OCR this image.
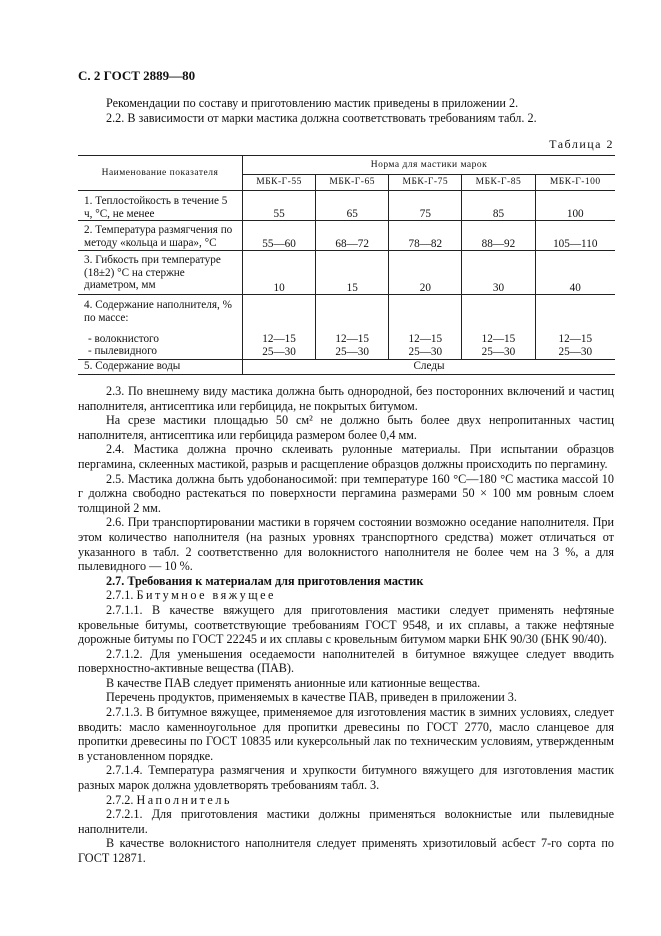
С. 2 ГОСТ 2889—80

Рекомендации по составу и приготовлению мастик приведены в приложении 2.

2.2. В зависимости от марки мастика должна соответствовать требованиям табл. 2.

Таблица 2
Наименование показателя	Норма для мастики марок				
	МБК-Г-55	МБК-Г-65	МБК-Г-75	МБК-Г-85	МБК-Г-100
1. Теплостойкость в течение 5 ч, °С, не менее	55	65	75	85	100
2. Температура размягчения по методу «кольца и шара», °С	55—60	68—72	78—82	88—92	105—110
3. Гибкость при температуре (18±2) °С на стержне диаметром, мм	10	15	20	30	40
4. Содержание наполнителя, % по массе:					
- волокнистого	12—15	12—15	12—15	12—15	12—15
- пылевидного	25—30	25—30	25—30	25—30	25—30
5. Содержание воды	Следы				

2.3. По внешнему виду мастика должна быть однородной, без посторонних включений и частиц наполнителя, антисептика или гербицида, не покрытых битумом.

На срезе мастики площадью 50 см² не должно быть более двух непропитанных частиц наполнителя, антисептика или гербицида размером более 0,4 мм.

2.4. Мастика должна прочно склеивать рулонные материалы. При испытании образцов пергамина, склеенных мастикой, разрыв и расщепление образцов должны происходить по пергамину.

2.5. Мастика должна быть удобонаносимой: при температуре 160 °С—180 °С мастика массой 10 г должна свободно растекаться по поверхности пергамина размерами 50 × 100 мм ровным слоем толщиной 2 мм.

2.6. При транспортировании мастики в горячем состоянии возможно оседание наполнителя. При этом количество наполнителя (на разных уровнях транспортного средства) может отличаться от указанного в табл. 2 соответственно для волокнистого наполнителя не более чем на 3 %, а для пылевидного — 10 %.

2.7. Требования к материалам для приготовления мастик

2.7.1. Битумное вяжущее

2.7.1.1. В качестве вяжущего для приготовления мастики следует применять нефтяные кровельные битумы, соответствующие требованиям ГОСТ 9548, и их сплавы, а также нефтяные дорожные битумы по ГОСТ 22245 и их сплавы с кровельным битумом марки БНК 90/30 (БНК 90/40).

2.7.1.2. Для уменьшения оседаемости наполнителей в битумное вяжущее следует вводить поверхностно-активные вещества (ПАВ).

В качестве ПАВ следует применять анионные или катионные вещества.

Перечень продуктов, применяемых в качестве ПАВ, приведен в приложении 3.

2.7.1.3. В битумное вяжущее, применяемое для изготовления мастик в зимних условиях, следует вводить: масло каменноугольное для пропитки древесины по ГОСТ 2770, масло сланцевое для пропитки древесины по ГОСТ 10835 или кукерсольный лак по техническим условиям, утвержденным в установленном порядке.

2.7.1.4. Температура размягчения и хрупкости битумного вяжущего для изготовления мастик разных марок должна удовлетворять требованиям табл. 3.

2.7.2. Наполнитель

2.7.2.1. Для приготовления мастики должны применяться волокнистые или пылевидные наполнители.

В качестве волокнистого наполнителя следует применять хризотиловый асбест 7-го сорта по ГОСТ 12871.
